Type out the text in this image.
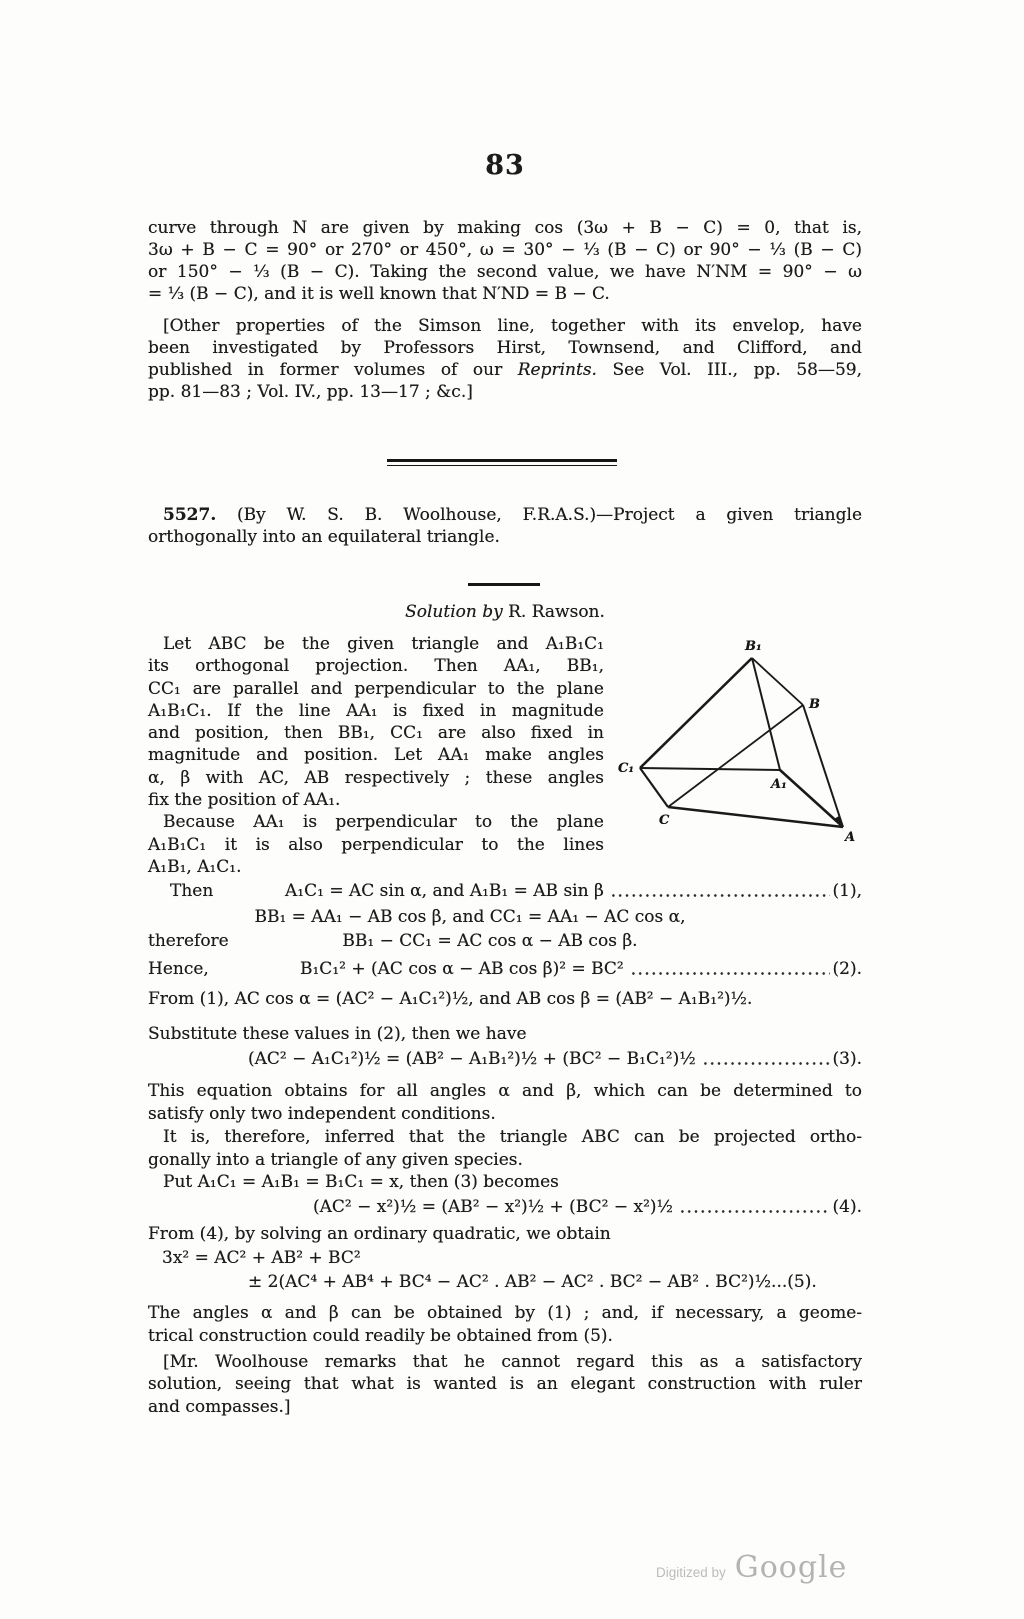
83
curve through N are given by making cos (3ω + B − C) = 0, that is,
3ω + B − C = 90° or 270° or 450°, ω = 30° − ⅓ (B − C) or 90° − ⅓ (B − C)
or 150° − ⅓ (B − C). Taking the second value, we have N′NM = 90° − ω
= ⅓ (B − C), and it is well known that N′ND = B − C.
[Other properties of the Simson line, together with its envelop, have
been investigated by Professors Hirst, Townsend, and Clifford, and
published in former volumes of our Reprints. See Vol. III., pp. 58—59,
pp. 81—83 ; Vol. IV., pp. 13—17 ; &c.]
5527. (By W. S. B. Woolhouse, F.R.A.S.)—Project a given triangle
orthogonally into an equilateral triangle.
Solution by R. Rawson.
Let ABC be the given triangle and A₁B₁C₁
its orthogonal projection. Then AA₁, BB₁,
CC₁ are parallel and perpendicular to the plane
A₁B₁C₁. If the line AA₁ is fixed in magnitude
and position, then BB₁, CC₁ are also fixed in
magnitude and position. Let AA₁ make angles
α, β with AC, AB respectively ; these angles
fix the position of AA₁.
Because AA₁ is perpendicular to the plane
A₁B₁C₁ it is also perpendicular to the lines
A₁B₁, A₁C₁.
B₁
B
C₁
A₁
C
A
Then	A₁C₁ = AC sin α, and A₁B₁ = AB sin β	(1),
BB₁ = AA₁ − AB cos β, and CC₁ = AA₁ − AC cos α,
therefore	BB₁ − CC₁ = AC cos α − AB cos β.
Hence,	B₁C₁² + (AC cos α − AB cos β)² = BC²	(2).
From (1), AC cos α = (AC² − A₁C₁²)½, and AB cos β = (AB² − A₁B₁²)½.
Substitute these values in (2), then we have
(AC² − A₁C₁²)½ = (AB² − A₁B₁²)½ + (BC² − B₁C₁²)½	(3).
This equation obtains for all angles α and β, which can be determined to
satisfy only two independent conditions.
It is, therefore, inferred that the triangle ABC can be projected ortho-
gonally into a triangle of any given species.
Put A₁C₁ = A₁B₁ = B₁C₁ = x, then (3) becomes
(AC² − x²)½ = (AB² − x²)½ + (BC² − x²)½	(4).
From (4), by solving an ordinary quadratic, we obtain
3x² = AC² + AB² + BC²
± 2(AC⁴ + AB⁴ + BC⁴ − AC² . AB² − AC² . BC² − AB² . BC²)½...(5).
The angles α and β can be obtained by (1) ; and, if necessary, a geome-
trical construction could readily be obtained from (5).
[Mr. Woolhouse remarks that he cannot regard this as a satisfactory
solution, seeing that what is wanted is an elegant construction with ruler
and compasses.]
Digitized by Google
